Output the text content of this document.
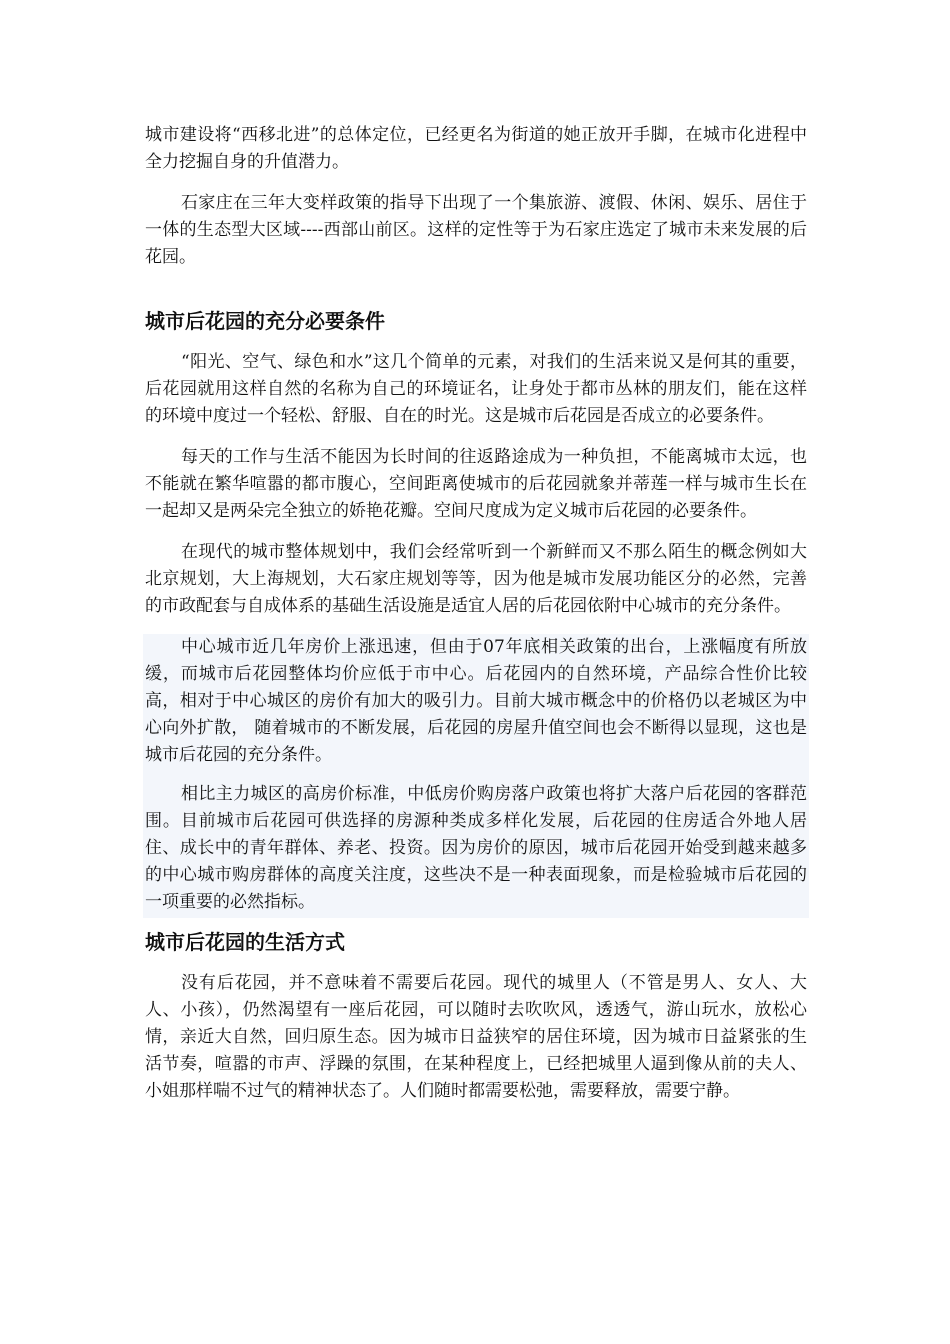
城市建设将“西移北进”的总体定位，已经更名为街道的她正放开手脚，在城市化进程中全力挖掘自身的升值潜力。

石家庄在三年大变样政策的指导下出现了一个集旅游、渡假、休闲、娱乐、居住于一体的生态型大区域----西部山前区。这样的定性等于为石家庄选定了城市未来发展的后花园。

城市后花园的充分必要条件

“阳光、空气、绿色和水”这几个简单的元素，对我们的生活来说又是何其的重要，后花园就用这样自然的名称为自己的环境证名，让身处于都市丛林的朋友们，能在这样的环境中度过一个轻松、舒服、自在的时光。这是城市后花园是否成立的必要条件。

每天的工作与生活不能因为长时间的往返路途成为一种负担，不能离城市太远，也不能就在繁华喧嚣的都市腹心，空间距离使城市的后花园就象并蒂莲一样与城市生长在一起却又是两朵完全独立的娇艳花瓣。空间尺度成为定义城市后花园的必要条件。

在现代的城市整体规划中，我们会经常听到一个新鲜而又不那么陌生的概念例如大北京规划，大上海规划，大石家庄规划等等，因为他是城市发展功能区分的必然，完善的市政配套与自成体系的基础生活设施是适宜人居的后花园依附中心城市的充分条件。

中心城市近几年房价上涨迅速，但由于07年底相关政策的出台，上涨幅度有所放缓，而城市后花园整体均价应低于市中心。后花园内的自然环境，产品综合性价比较高，相对于中心城区的房价有加大的吸引力。目前大城市概念中的价格仍以老城区为中心向外扩散， 随着城市的不断发展，后花园的房屋升值空间也会不断得以显现，这也是城市后花园的充分条件。

相比主力城区的高房价标准，中低房价购房落户政策也将扩大落户后花园的客群范围。目前城市后花园可供选择的房源种类成多样化发展，后花园的住房适合外地人居住、成长中的青年群体、养老、投资。因为房价的原因，城市后花园开始受到越来越多的中心城市购房群体的高度关注度，这些决不是一种表面现象，而是检验城市后花园的一项重要的必然指标。

城市后花园的生活方式

没有后花园，并不意味着不需要后花园。现代的城里人（不管是男人、女人、大人、小孩），仍然渴望有一座后花园，可以随时去吹吹风，透透气，游山玩水，放松心情，亲近大自然，回归原生态。因为城市日益狭窄的居住环境，因为城市日益紧张的生活节奏，喧嚣的市声、浮躁的氛围，在某种程度上，已经把城里人逼到像从前的夫人、小姐那样喘不过气的精神状态了。人们随时都需要松弛，需要释放，需要宁静。
